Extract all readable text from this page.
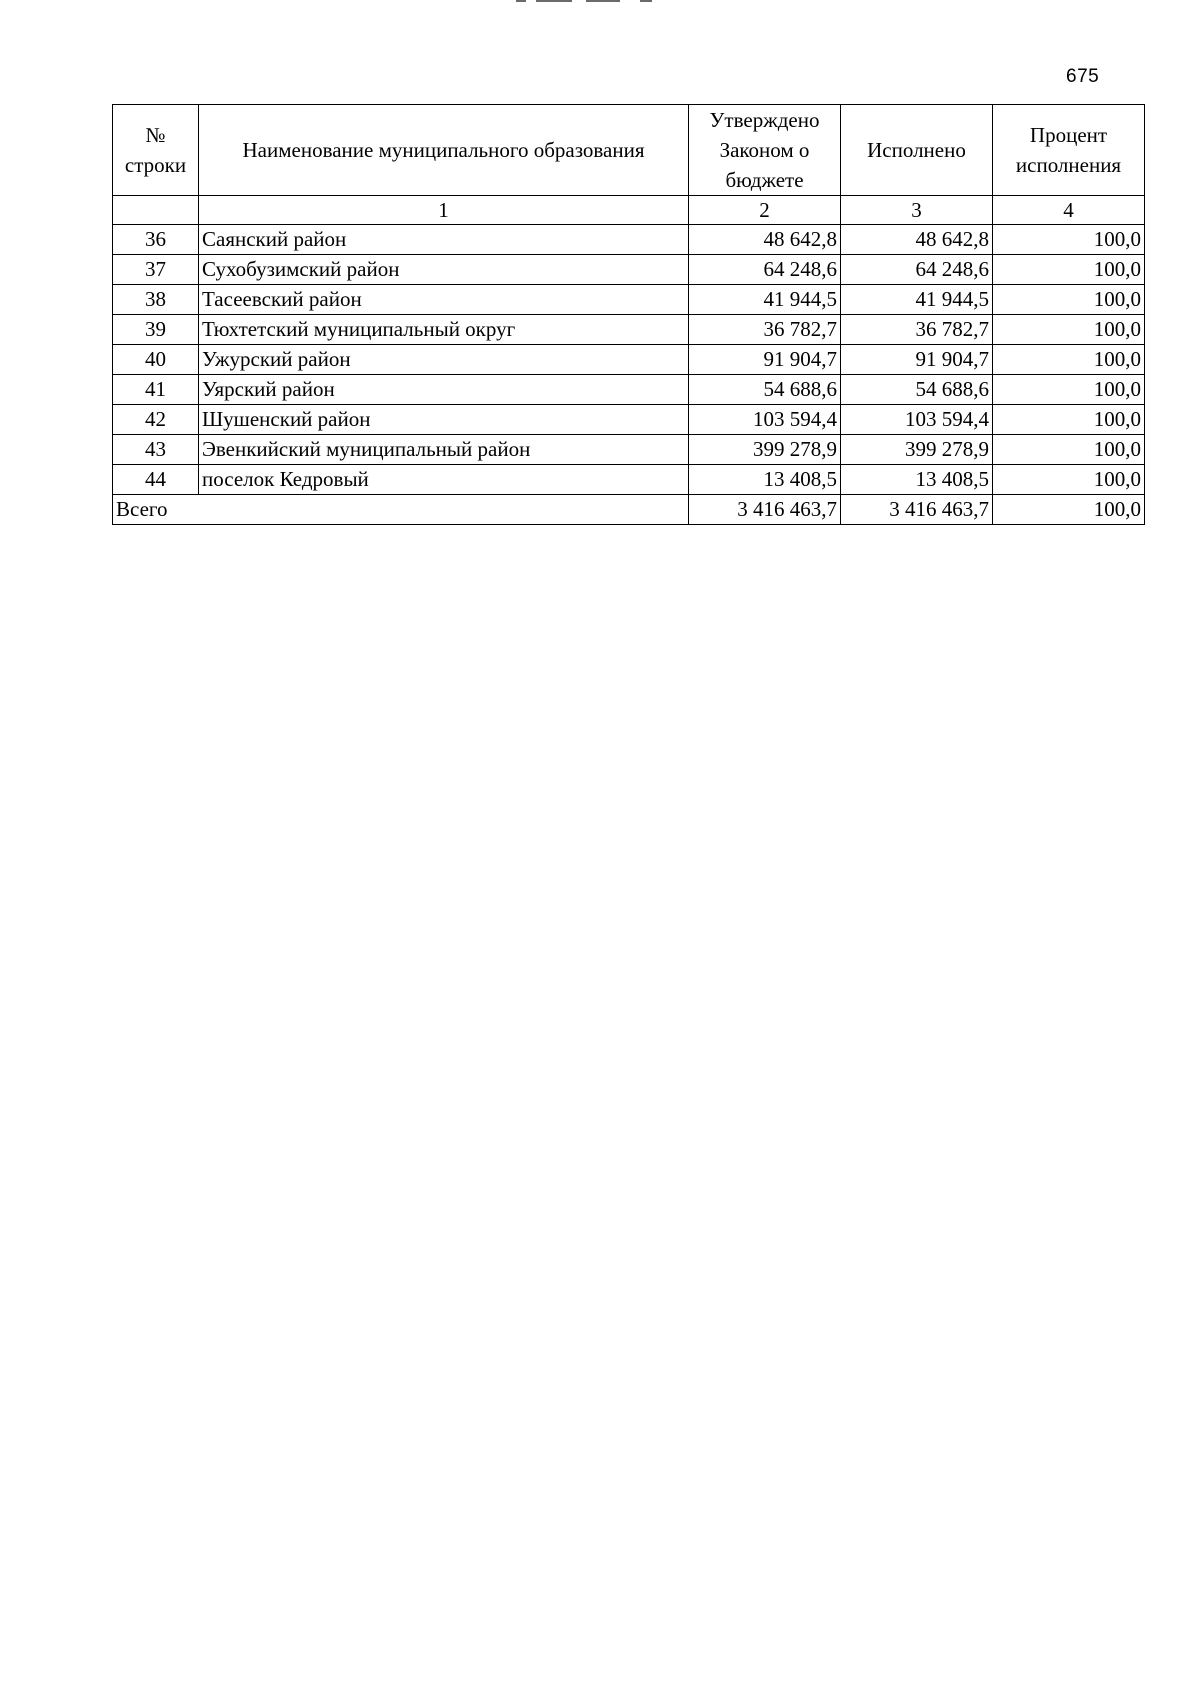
675
№ строки	Наименование муниципального образования	Утверждено Законом о бюджете	Исполнено	Процент исполнения
	1	2	3	4
36	Саянский район	48 642,8	48 642,8	100,0
37	Сухобузимский район	64 248,6	64 248,6	100,0
38	Тасеевский район	41 944,5	41 944,5	100,0
39	Тюхтетский муниципальный округ	36 782,7	36 782,7	100,0
40	Ужурский район	91 904,7	91 904,7	100,0
41	Уярский район	54 688,6	54 688,6	100,0
42	Шушенский район	103 594,4	103 594,4	100,0
43	Эвенкийский муниципальный район	399 278,9	399 278,9	100,0
44	поселок Кедровый	13 408,5	13 408,5	100,0
Всего		3 416 463,7	3 416 463,7	100,0
